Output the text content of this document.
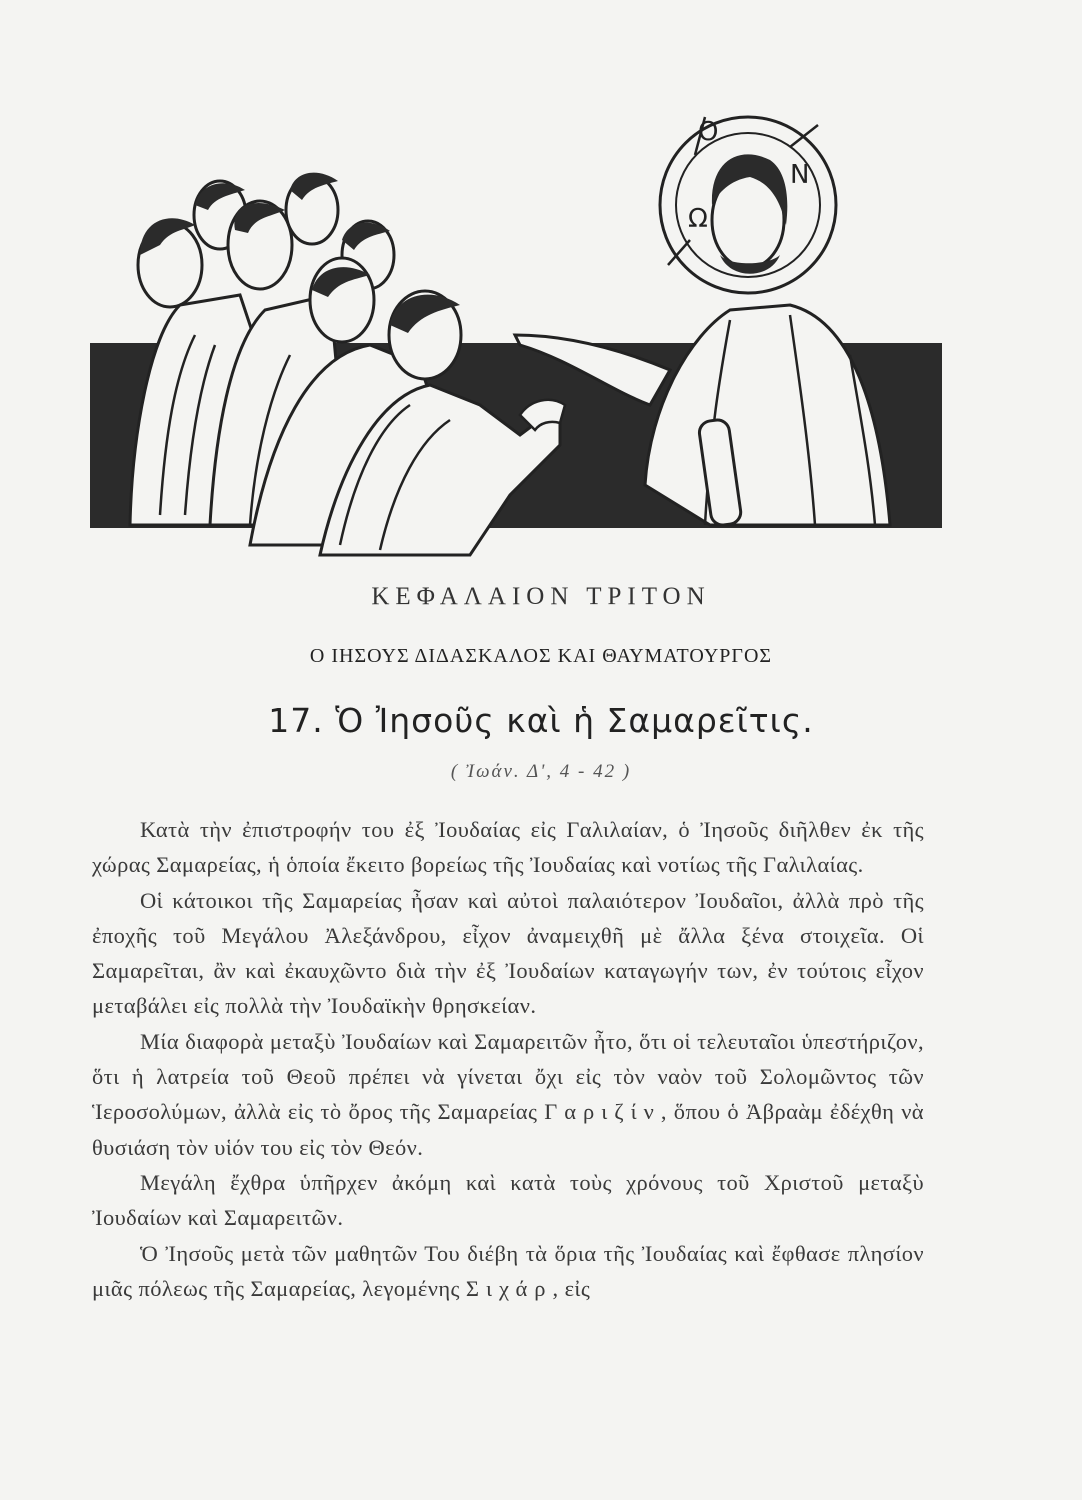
Ο
Ν
Ω
Φ
ΚΕΦΑΛΑΙΟΝ ΤΡΙΤΟΝ
Ο ΙΗΣΟΥΣ ΔΙΔΑΣΚΑΛΟΣ ΚΑΙ ΘΑΥΜΑΤΟΥΡΓΟΣ
17. Ὁ Ἰησοῦς καὶ ἡ Σαμαρεῖτις.
( Ἰωάν. Δ', 4 - 42 )

Κατὰ τὴν ἐπιστροφήν του ἐξ Ἰουδαίας εἰς Γαλιλαίαν, ὁ Ἰησοῦς διῆλθεν ἐκ τῆς χώρας Σαμαρείας, ἡ ὁποία ἔκειτο βορείως τῆς Ἰουδαίας καὶ νοτίως τῆς Γαλιλαίας.

Οἱ κάτοικοι τῆς Σαμαρείας ἦσαν καὶ αὐτοὶ παλαιότερον Ἰουδαῖοι, ἀλλὰ πρὸ τῆς ἐποχῆς τοῦ Μεγάλου Ἀλεξάνδρου, εἶχον ἀναμειχθῆ μὲ ἄλλα ξένα στοιχεῖα. Οἱ Σαμαρεῖται, ἂν καὶ ἐκαυχῶντο διὰ τὴν ἐξ Ἰουδαίων καταγωγήν των, ἐν τούτοις εἶχον μεταβάλει εἰς πολλὰ τὴν Ἰουδαϊκὴν θρησκείαν.

Μία διαφορὰ μεταξὺ Ἰουδαίων καὶ Σαμαρειτῶν ἦτο, ὅτι οἱ τελευταῖοι ὑπεστήριζον, ὅτι ἡ λατρεία τοῦ Θεοῦ πρέπει νὰ γίνεται ὄχι εἰς τὸν ναὸν τοῦ Σολομῶντος τῶν Ἱεροσολύμων, ἀλλὰ εἰς τὸ ὄρος τῆς Σαμαρείας Γαριζίν, ὅπου ὁ Ἀβραὰμ ἐδέχθη νὰ θυσιάση τὸν υἱόν του εἰς τὸν Θεόν.

Μεγάλη ἔχθρα ὑπῆρχεν ἀκόμη καὶ κατὰ τοὺς χρόνους τοῦ Χριστοῦ μεταξὺ Ἰουδαίων καὶ Σαμαρειτῶν.

Ὁ Ἰησοῦς μετὰ τῶν μαθητῶν Του διέβη τὰ ὅρια τῆς Ἰουδαίας καὶ ἔφθασε πλησίον μιᾶς πόλεως τῆς Σαμαρείας, λεγομένης Σιχάρ, εἰς
